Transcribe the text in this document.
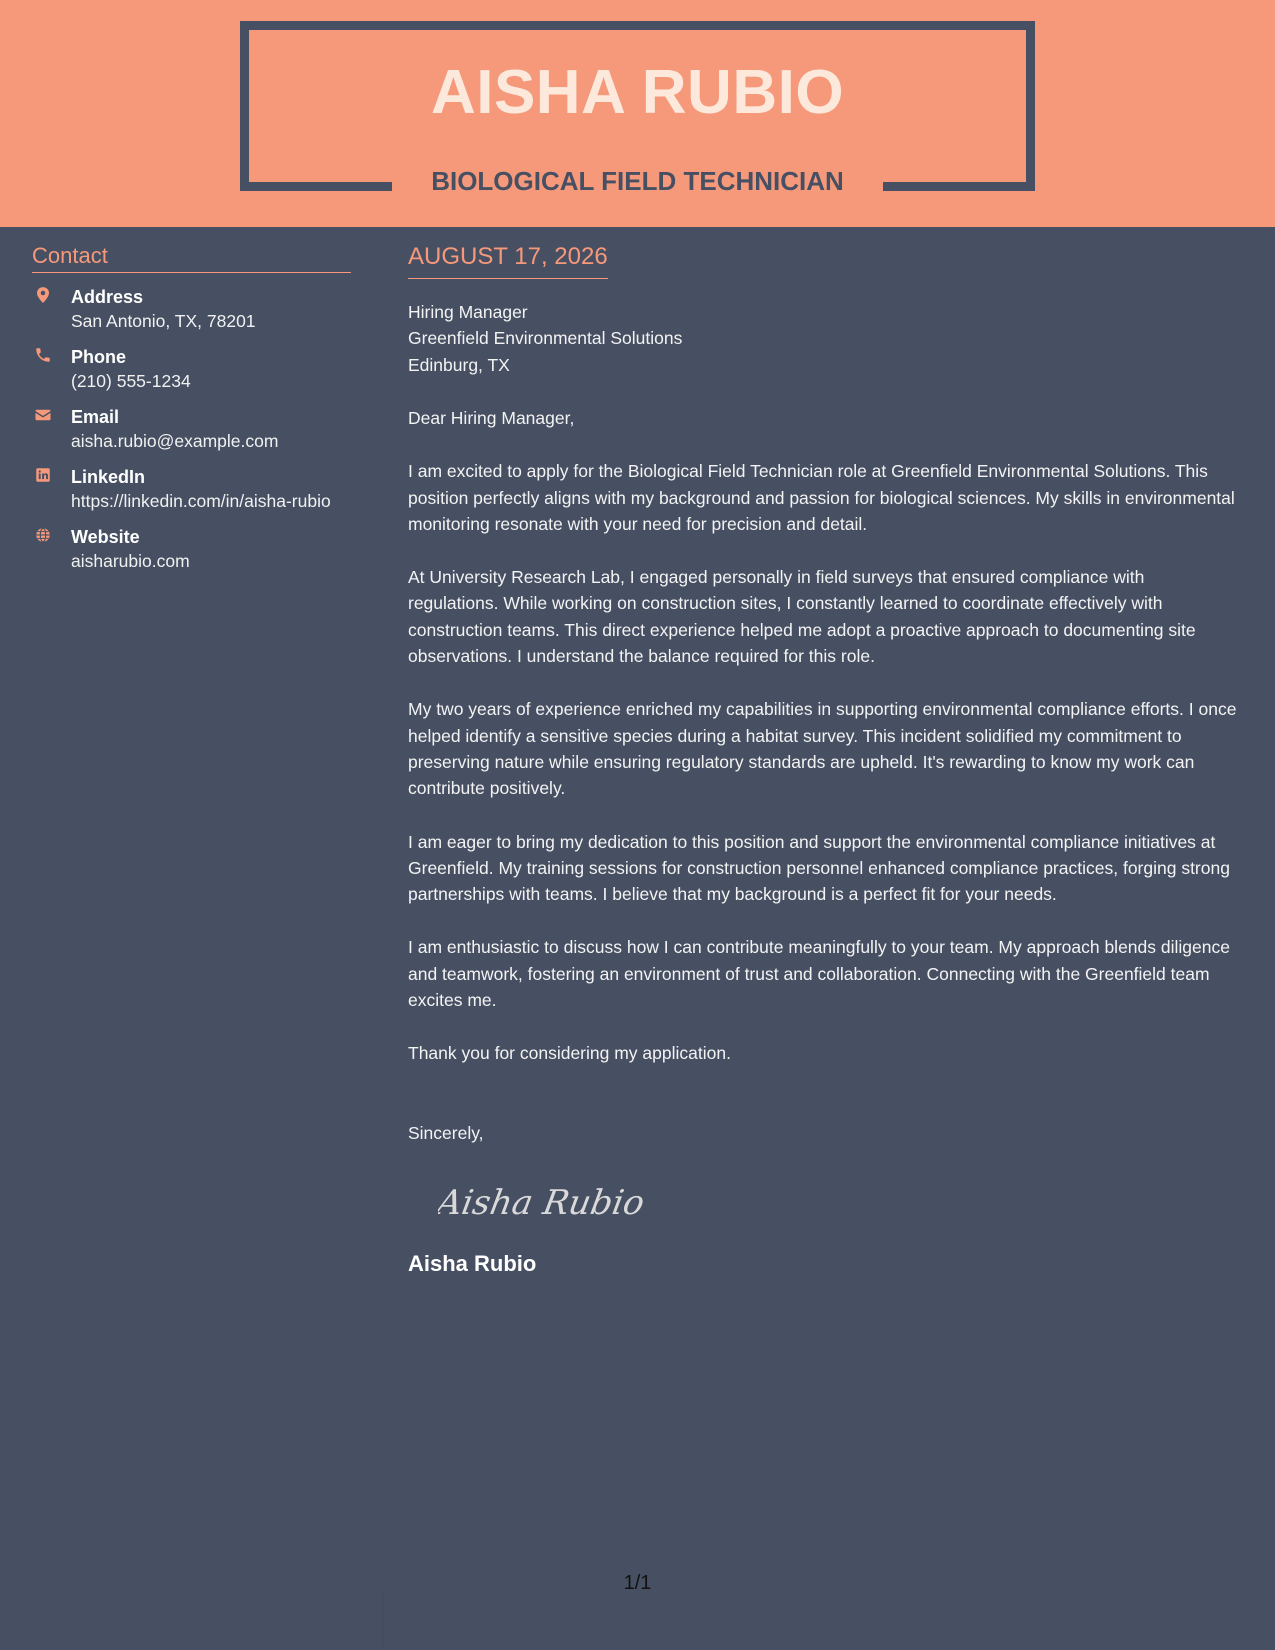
AISHA RUBIO
BIOLOGICAL FIELD TECHNICIAN
Contact
Address
San Antonio, TX, 78201
Phone
(210) 555-1234
Email
aisha.rubio@example.com
LinkedIn
https://linkedin.com/in/aisha-rubio
Website
aisharubio.com
AUGUST 17, 2026
Hiring Manager
Greenfield Environmental Solutions
Edinburg, TX
Dear Hiring Manager,
I am excited to apply for the Biological Field Technician role at Greenfield Environmental Solutions. This position perfectly aligns with my background and passion for biological sciences. My skills in environmental monitoring resonate with your need for precision and detail.
At University Research Lab, I engaged personally in field surveys that ensured compliance with regulations. While working on construction sites, I constantly learned to coordinate effectively with construction teams. This direct experience helped me adopt a proactive approach to documenting site observations. I understand the balance required for this role.
My two years of experience enriched my capabilities in supporting environmental compliance efforts. I once helped identify a sensitive species during a habitat survey. This incident solidified my commitment to preserving nature while ensuring regulatory standards are upheld. It's rewarding to know my work can contribute positively.
I am eager to bring my dedication to this position and support the environmental compliance initiatives at Greenfield. My training sessions for construction personnel enhanced compliance practices, forging strong partnerships with teams. I believe that my background is a perfect fit for your needs.
I am enthusiastic to discuss how I can contribute meaningfully to your team. My approach blends diligence and teamwork, fostering an environment of trust and collaboration. Connecting with the Greenfield team excites me.
Thank you for considering my application.
Sincerely,
Aisha Rubio
Aisha Rubio
1/1
